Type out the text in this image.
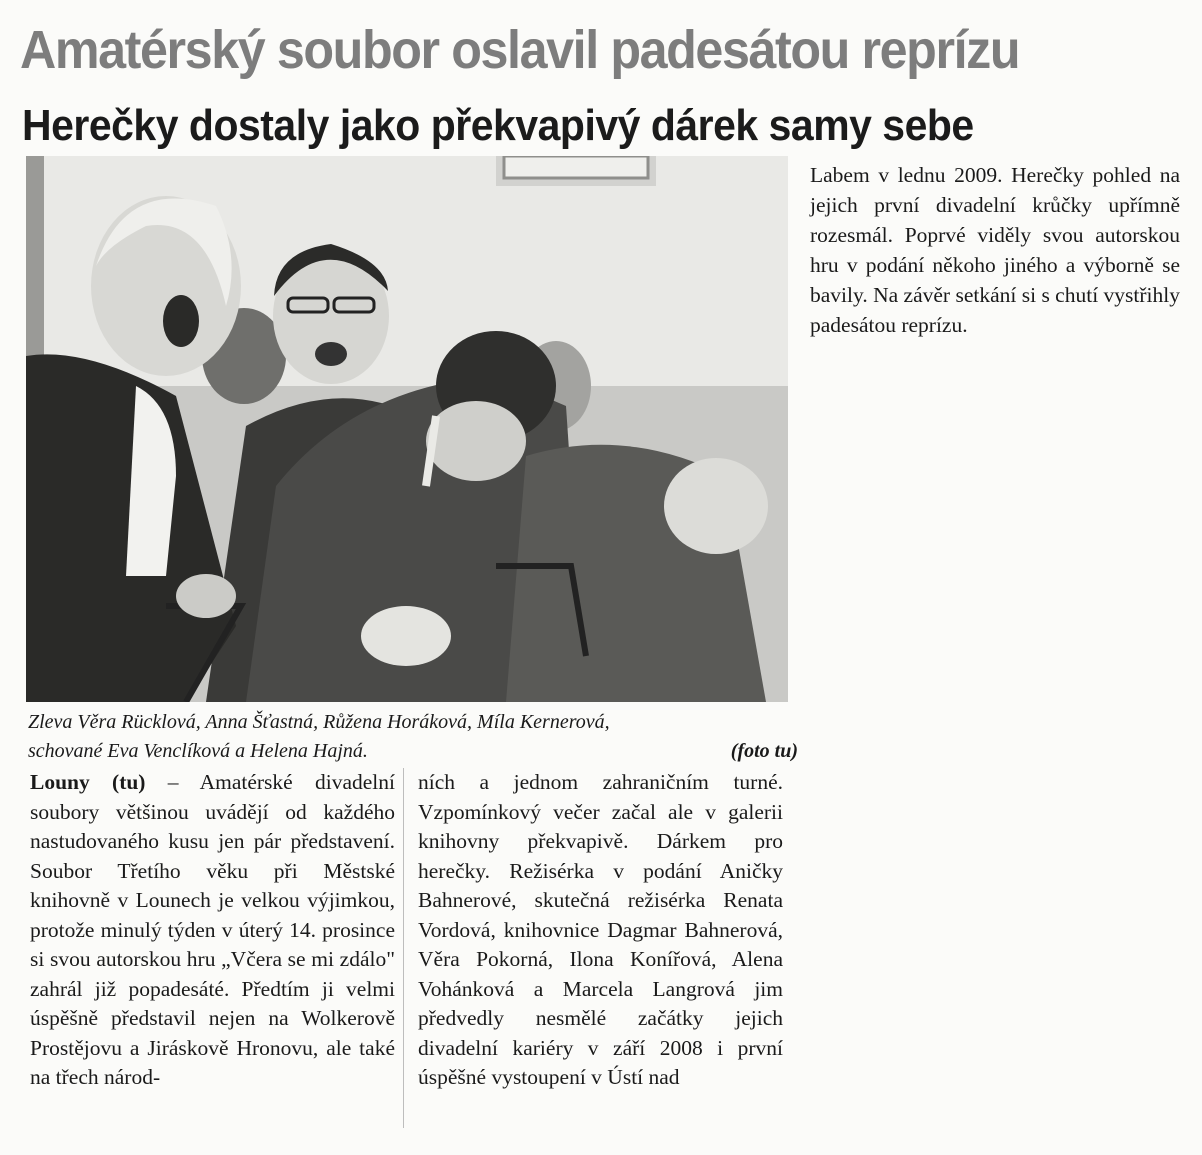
Amatérský soubor oslavil padesátou reprízu
Herečky dostaly jako překvapivý dárek samy sebe
Labem v lednu 2009. Herečky pohled na jejich první divadelní krůčky upřímně rozesmál. Poprvé viděly svou autorskou hru v podání někoho jiného a výborně se bavily. Na závěr setkání si s chutí vystřihly padesátou reprízu.
Zleva Věra Rücklová, Anna Šťastná, Růžena Horáková, Míla Kernerová,
schované Eva Venclíková a Helena Hajná.	(foto tu)
Louny (tu) – Amatérské divadelní soubory většinou uvádějí od každého nastudovaného kusu jen pár představení. Soubor Třetího věku při Městské knihovně v Lounech je velkou výjimkou, protože minulý týden v úterý 14. prosince si svou autorskou hru „Včera se mi zdálo" zahrál již popadesáté. Předtím ji velmi úspěšně představil nejen na Wolkerově Prostějovu a Jiráskově Hronovu, ale také na třech národ-
ních a jednom zahraničním turné. Vzpomínkový večer začal ale v galerii knihovny překvapivě. Dárkem pro herečky. Režisérka v podání Aničky Bahnerové, skutečná režisérka Renata Vordová, knihovnice Dagmar Bahnerová, Věra Pokorná, Ilona Konířová, Alena Vohánková a Marcela Langrová jim předvedly nesmělé začátky jejich divadelní kariéry v září 2008 i první úspěšné vystoupení v Ústí nad
